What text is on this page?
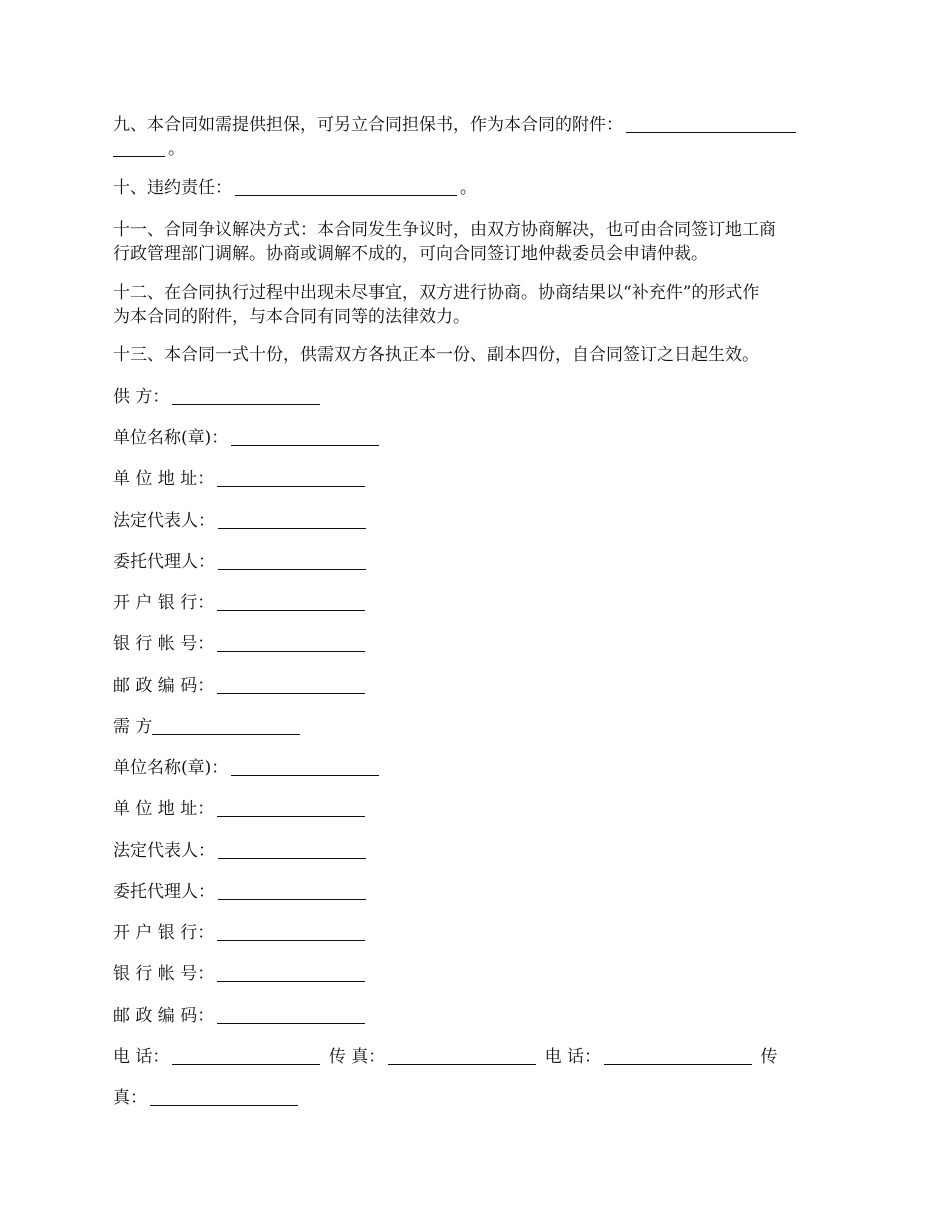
九、本合同如需提供担保，可另立合同担保书，作为本合同的附件：
。
十、违约责任：	。
十一、合同争议解决方式：本合同发生争议时，由双方协商解决，也可由合同签订地工商
行政管理部门调解。协商或调解不成的，可向合同签订地仲裁委员会申请仲裁。
十二、在合同执行过程中出现未尽事宜，双方进行协商。协商结果以“补充件”的形式作
为本合同的附件，与本合同有同等的法律效力。
十三、本合同一式十份，供需双方各执正本一份、副本四份，自合同签订之日起生效。
供 方：
单位名称(章)：
单 位 地 址：
法定代表人：
委托代理人：
开 户 银 行：
银 行 帐 号：
邮 政 编 码：
需 方
单位名称(章)：
单 位 地 址：
法定代表人：
委托代理人：
开 户 银 行：
银 行 帐 号：
邮 政 编 码：
电 话：	传 真：	电 话：	传
真：
